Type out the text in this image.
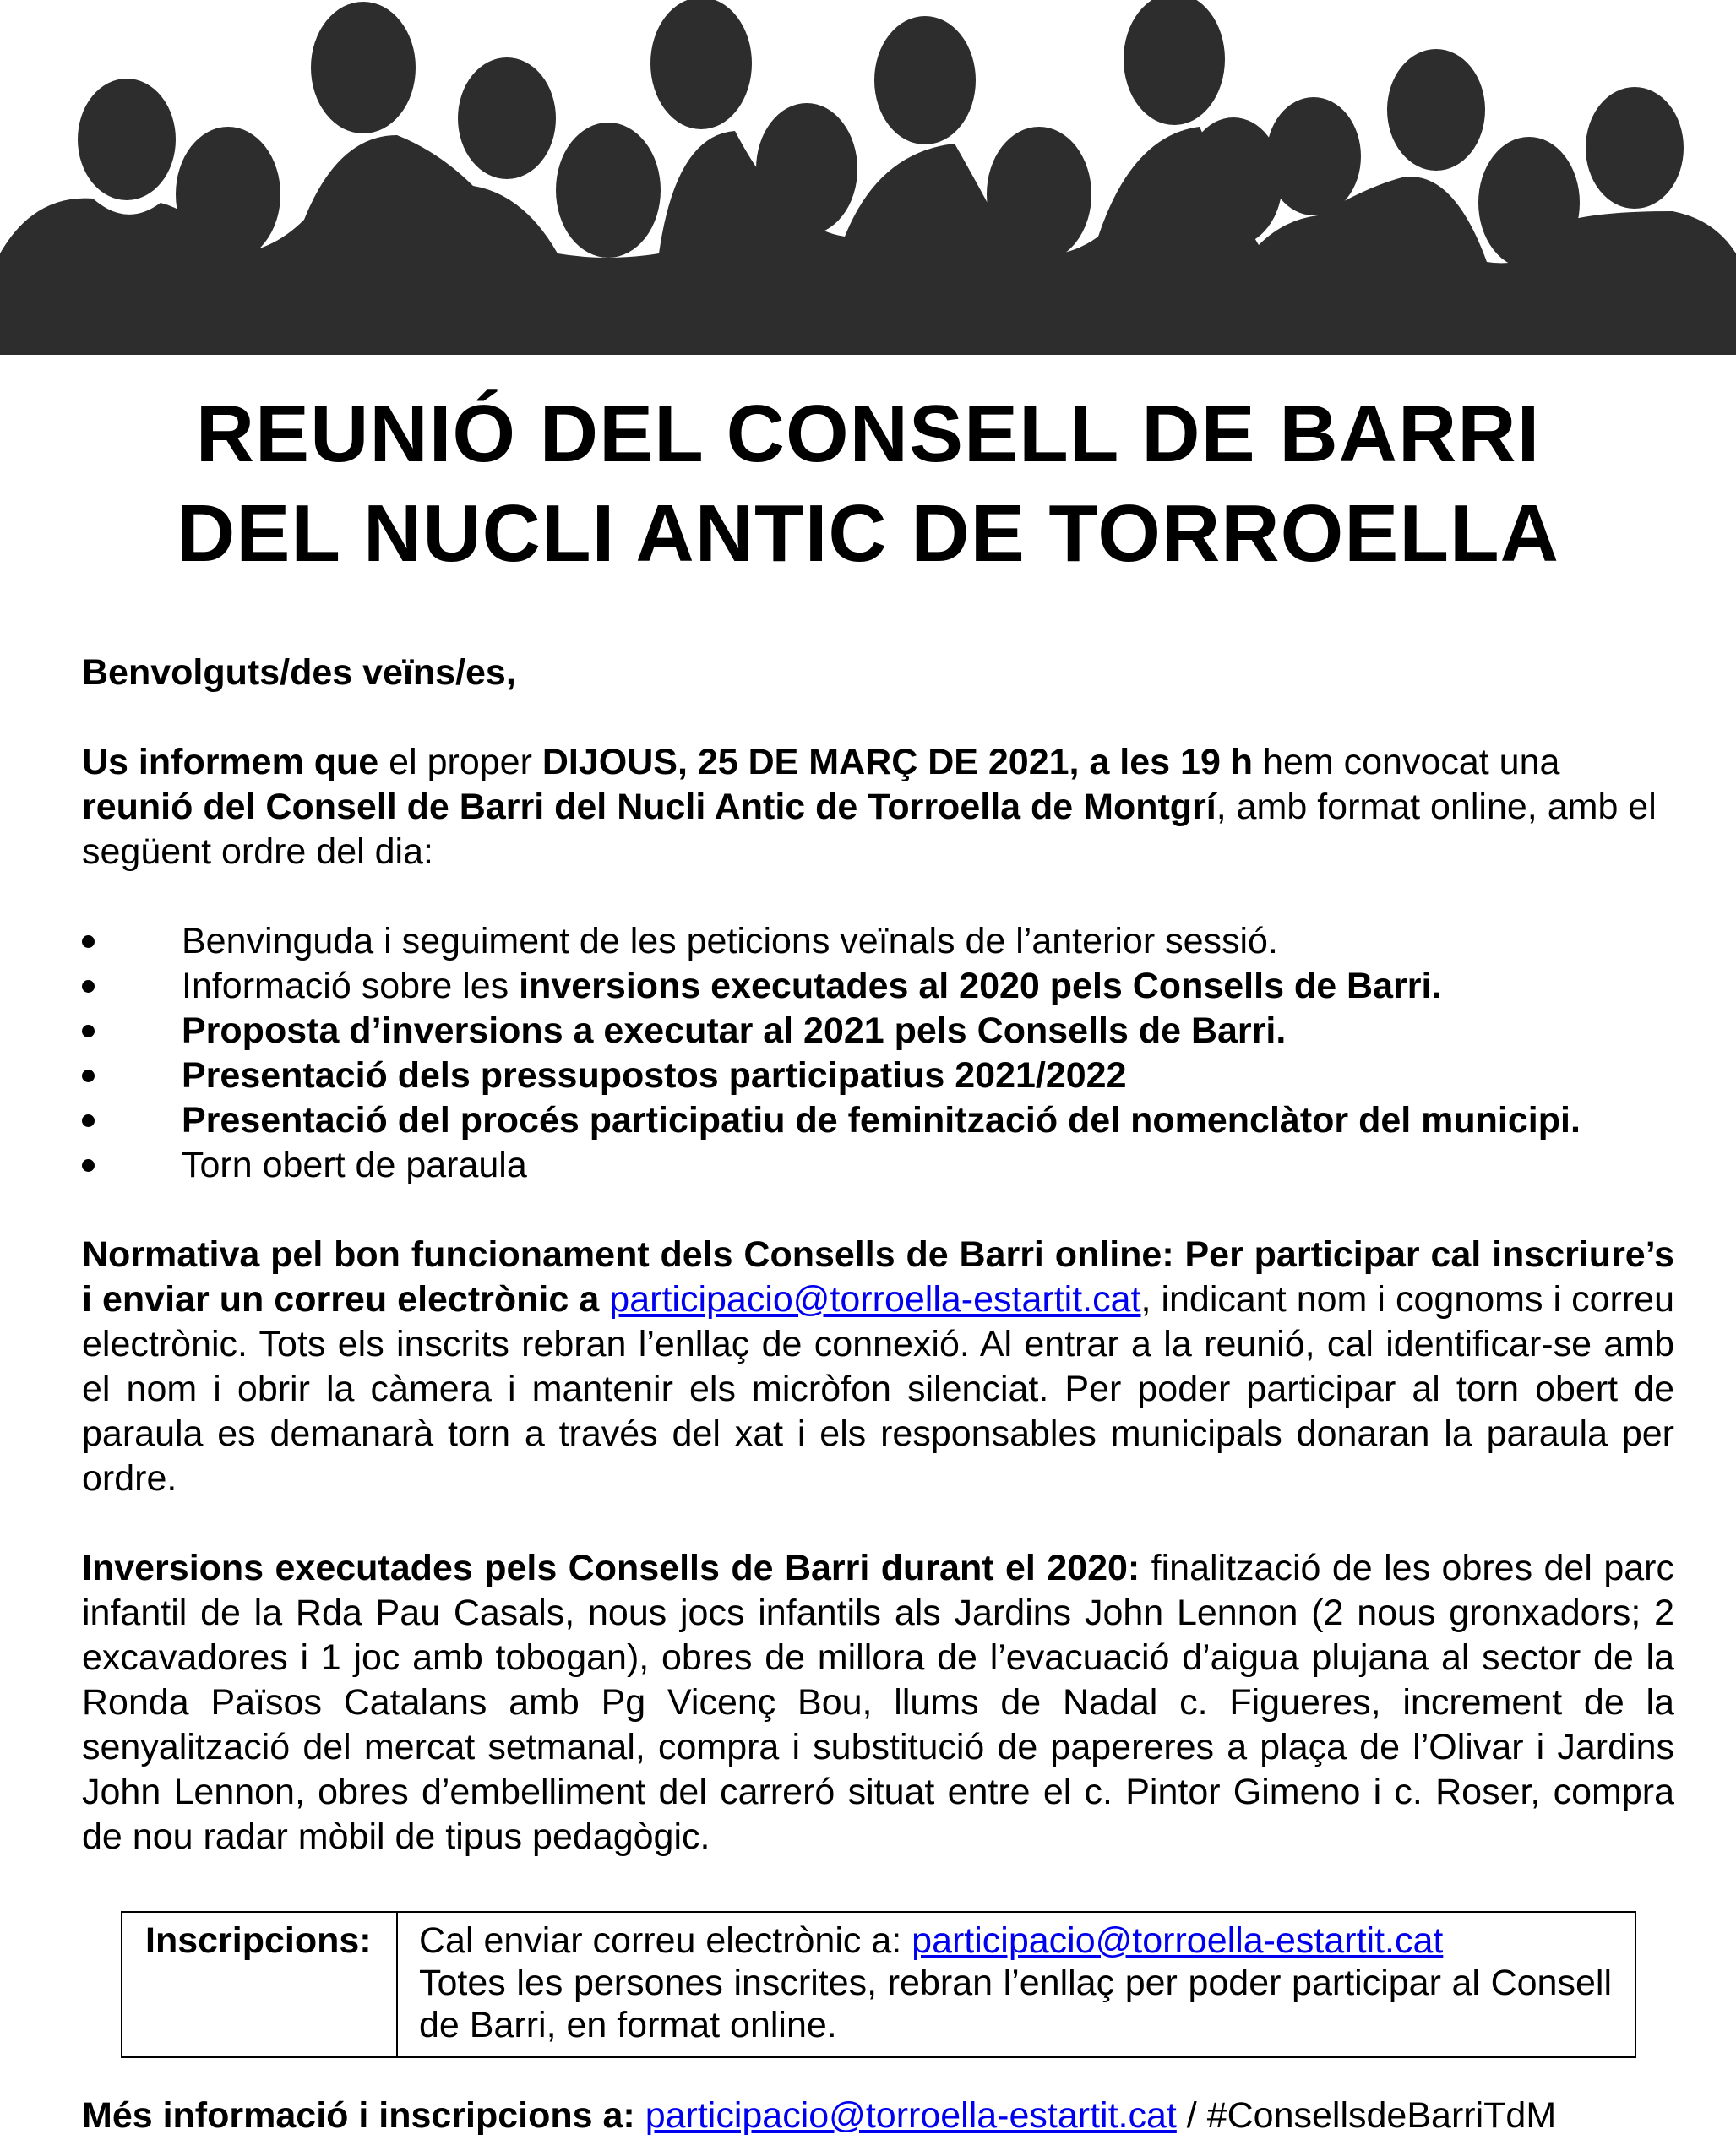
REUNIÓ DEL CONSELL DE BARRI
DEL NUCLI ANTIC DE TORROELLA

Benvolguts/des veïns/es,

Us informem que el proper DIJOUS, 25 DE MARÇ DE 2021, a les 19 h hem convocat una reunió del Consell de Barri del Nucli Antic de Torroella de Montgrí, amb format online, amb el següent ordre del dia:

Benvinguda i seguiment de les peticions veïnals de l’anterior sessió.
Informació sobre les inversions executades al 2020 pels Consells de Barri.
Proposta d’inversions a executar al 2021 pels Consells de Barri.
Presentació dels pressupostos participatius 2021/2022
Presentació del procés participatiu de feminització del nomenclàtor del municipi.
Torn obert de paraula

Normativa pel bon funcionament dels Consells de Barri online: Per participar cal inscriure’s i enviar un correu electrònic a participacio@torroella-estartit.cat, indicant nom i cognoms i correu electrònic. Tots els inscrits rebran l’enllaç de connexió. Al entrar a la reunió, cal identificar-se amb el nom i obrir la càmera i mantenir els micròfon silenciat. Per poder participar al torn obert de paraula es demanarà torn a través del xat i els responsables municipals donaran la paraula per ordre.

Inversions executades pels Consells de Barri durant el 2020: finalització de les obres del parc infantil de la Rda Pau Casals, nous jocs infantils als Jardins John Lennon (2 nous gronxadors; 2 excavadores i 1 joc amb tobogan), obres de millora de l’evacuació d’aigua plujana al sector de la Ronda Països Catalans amb Pg Vicenç Bou, llums de Nadal c. Figueres, increment de la senyalització del mercat setmanal, compra i substitució de papereres a plaça de l’Olivar i Jardins John Lennon, obres d’embelliment del carreró situat entre el c. Pintor Gimeno i c. Roser, compra de nou radar mòbil de tipus pedagògic.

Inscripcions:	Cal enviar correu electrònic a: participacio@torroella-estartit.cat

Totes les persones inscrites, rebran l’enllaç per poder participar al Consell de Barri, en format online.

Més informació i inscripcions a: participacio@torroella-estartit.cat / #ConsellsdeBarriTdM
